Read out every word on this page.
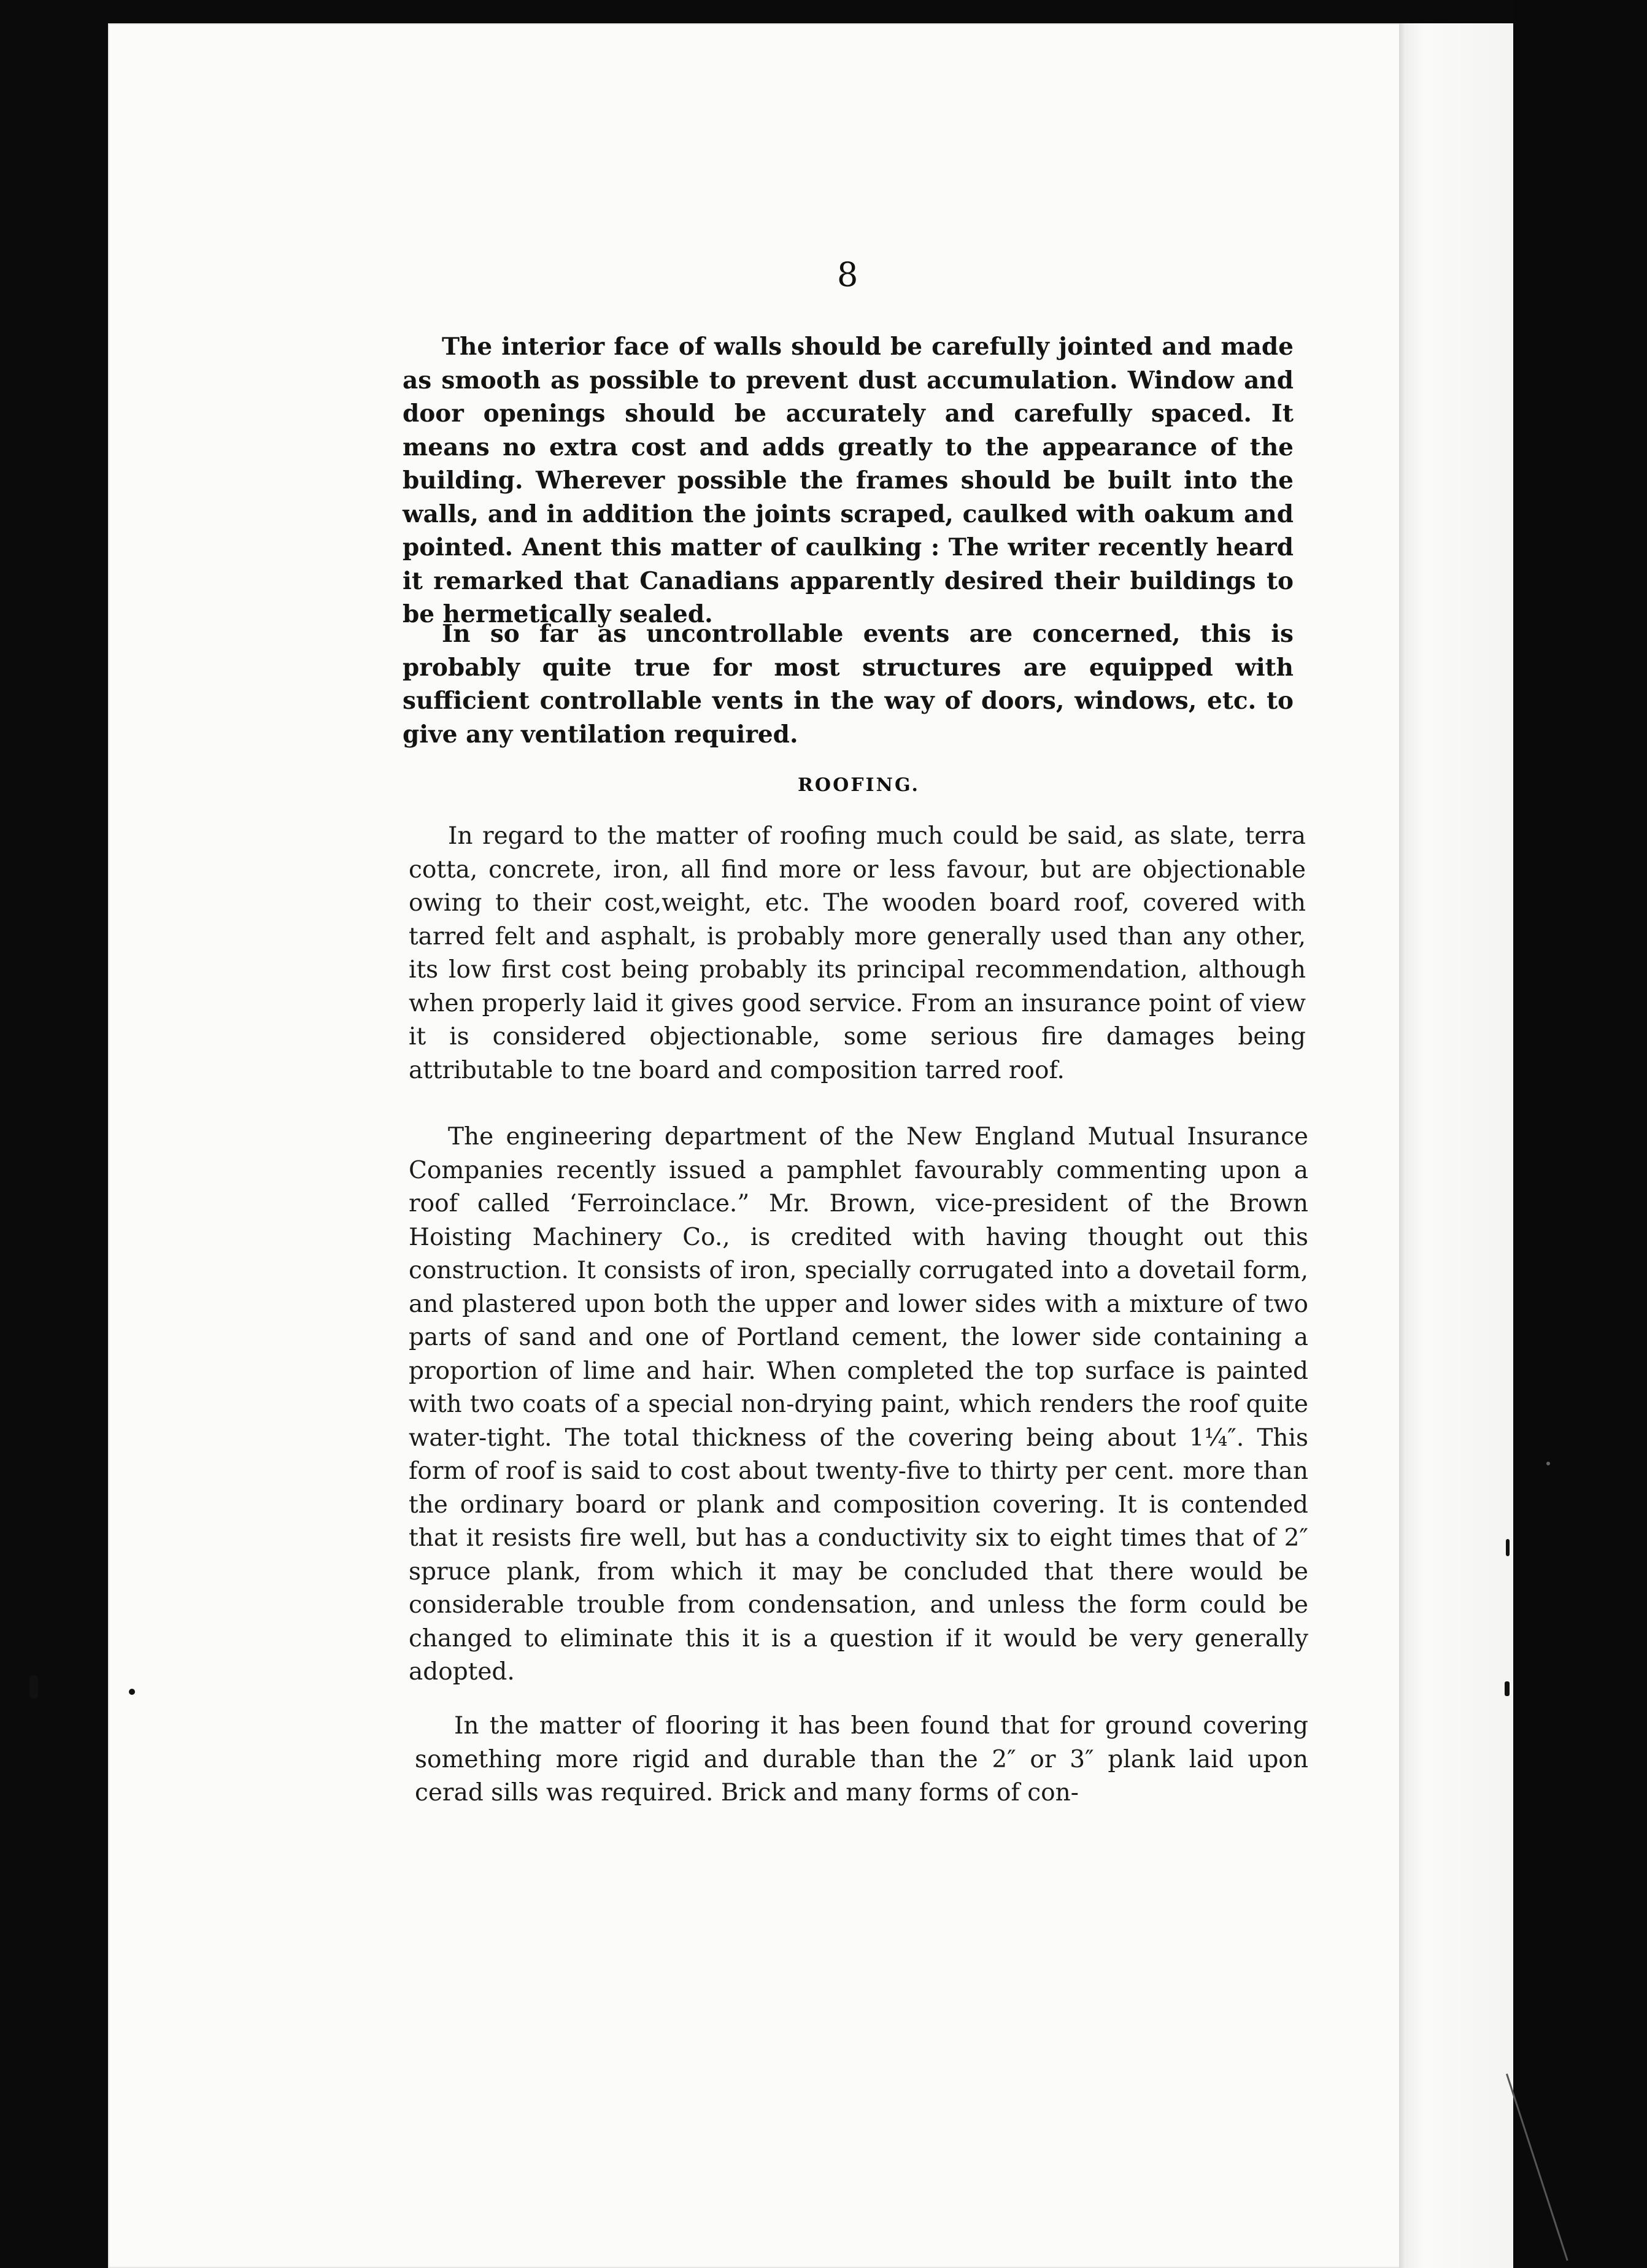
8

The interior face of walls should be carefully jointed and made as smooth as possible to prevent dust accumulation. Window and door openings should be accurately and carefully spaced. It means no extra cost and adds greatly to the appearance of the building. Wherever possible the frames should be built into the walls, and in addition the joints scraped, caulked with oakum and pointed. Anent this matter of caulking : The writer recently heard it remarked that Canadians apparently desired their buildings to be hermetically sealed.

In so far as uncontrollable events are concerned, this is probably quite true for most structures are equipped with sufficient controllable vents in the way of doors, windows, etc. to give any ventilation required.

ROOFING.

In regard to the matter of roofing much could be said, as slate, terra cotta, concrete, iron, all find more or less favour, but are objectionable owing to their cost,weight, etc. The wooden board roof, covered with tarred felt and asphalt, is probably more generally used than any other, its low first cost being probably its principal recommendation, although when properly laid it gives good service. From an insurance point of view it is considered objectionable, some serious fire damages being attributable to tne board and composition tarred roof.

The engineering department of the New England Mutual Insurance Companies recently issued a pamphlet favourably commenting upon a roof called ‘Ferroinclace.” Mr. Brown, vice-president of the Brown Hoisting Machinery Co., is credited with having thought out this construction. It consists of iron, specially corrugated into a dovetail form, and plastered upon both the upper and lower sides with a mixture of two parts of sand and one of Portland cement, the lower side containing a proportion of lime and hair. When completed the top surface is painted with two coats of a special non-drying paint, which renders the roof quite water-tight. The total thickness of the covering being about 1¼″. This form of roof is said to cost about twenty-five to thirty per cent. more than the ordinary board or plank and composition covering. It is contended that it resists fire well, but has a conductivity six to eight times that of 2″ spruce plank, from which it may be concluded that there would be considerable trouble from condensation, and unless the form could be changed to eliminate this it is a question if it would be very generally adopted.

In the matter of flooring it has been found that for ground covering something more rigid and durable than the 2″ or 3″ plank laid upon cerad sills was required. Brick and many forms of con-
